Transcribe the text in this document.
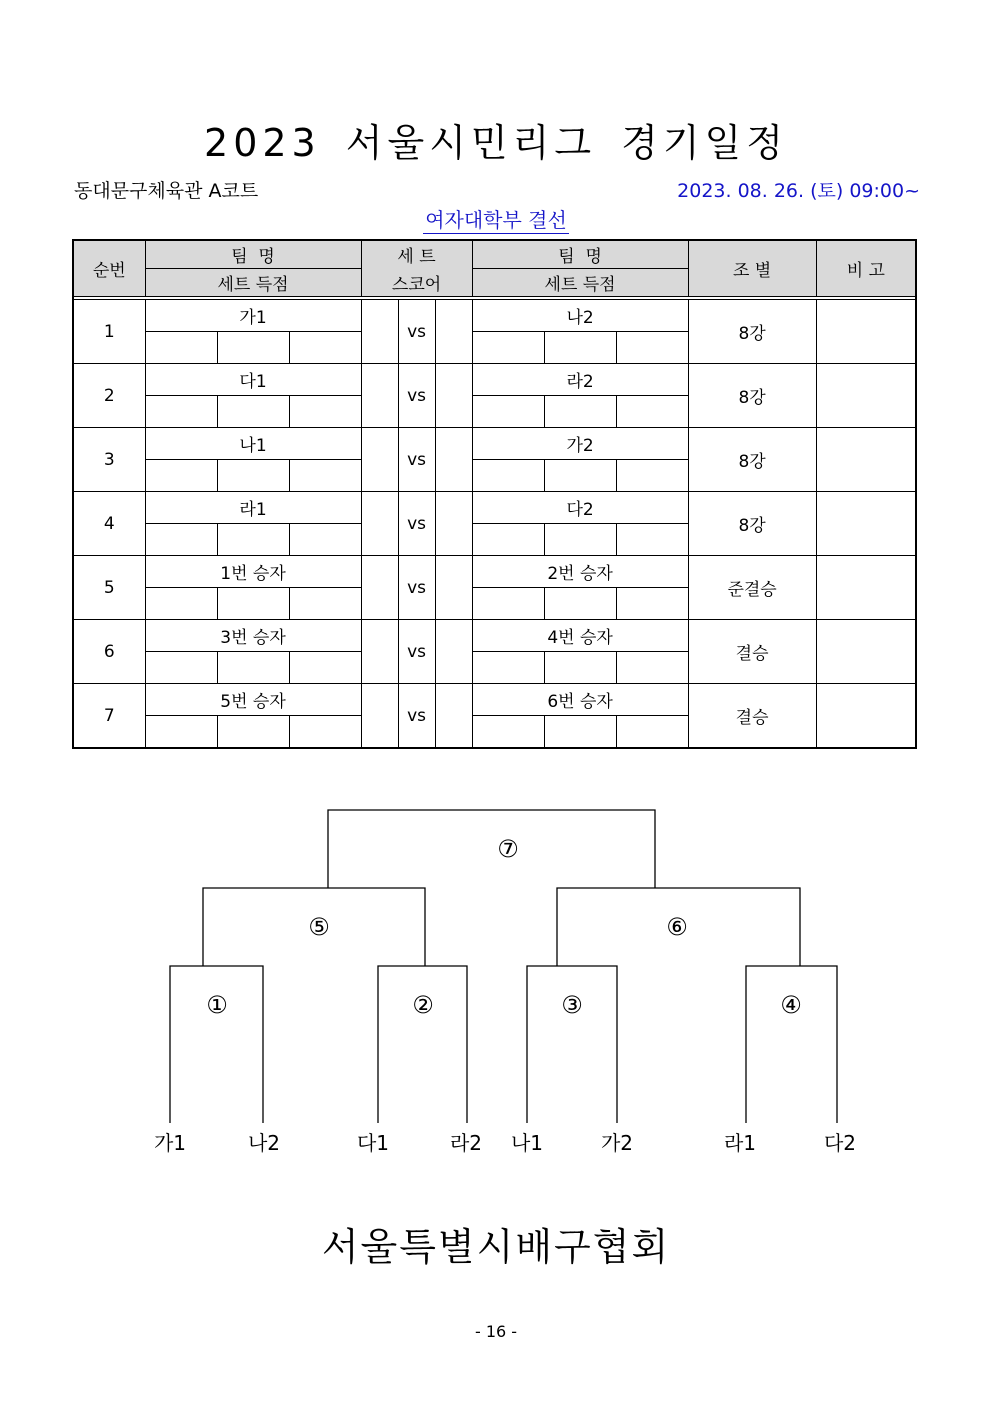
2023 서울시민리그 경기일정
동대문구체육관 A코트	2023. 08. 26. (토) 09:00~
여자대학부 결선
순번	팀  명			세 트			팀  명			조 별	비 고
	세트 득점			스코어			세트 득점				

1	가1				vs		나2			8강	

2	다1				vs		라2			8강	

3	나1				vs		가2			8강	

4	라1				vs		다2			8강	

5	1번 승자				vs		2번 승자			준결승	

6	3번 승자				vs		4번 승자			결승	

7	5번 승자				vs		6번 승자			결승	

⑦
⑤	⑥
①	②	③	④
가1	나2	다1	라2 나1	가2	라1	다2
서울특별시배구협회
- 16 -
